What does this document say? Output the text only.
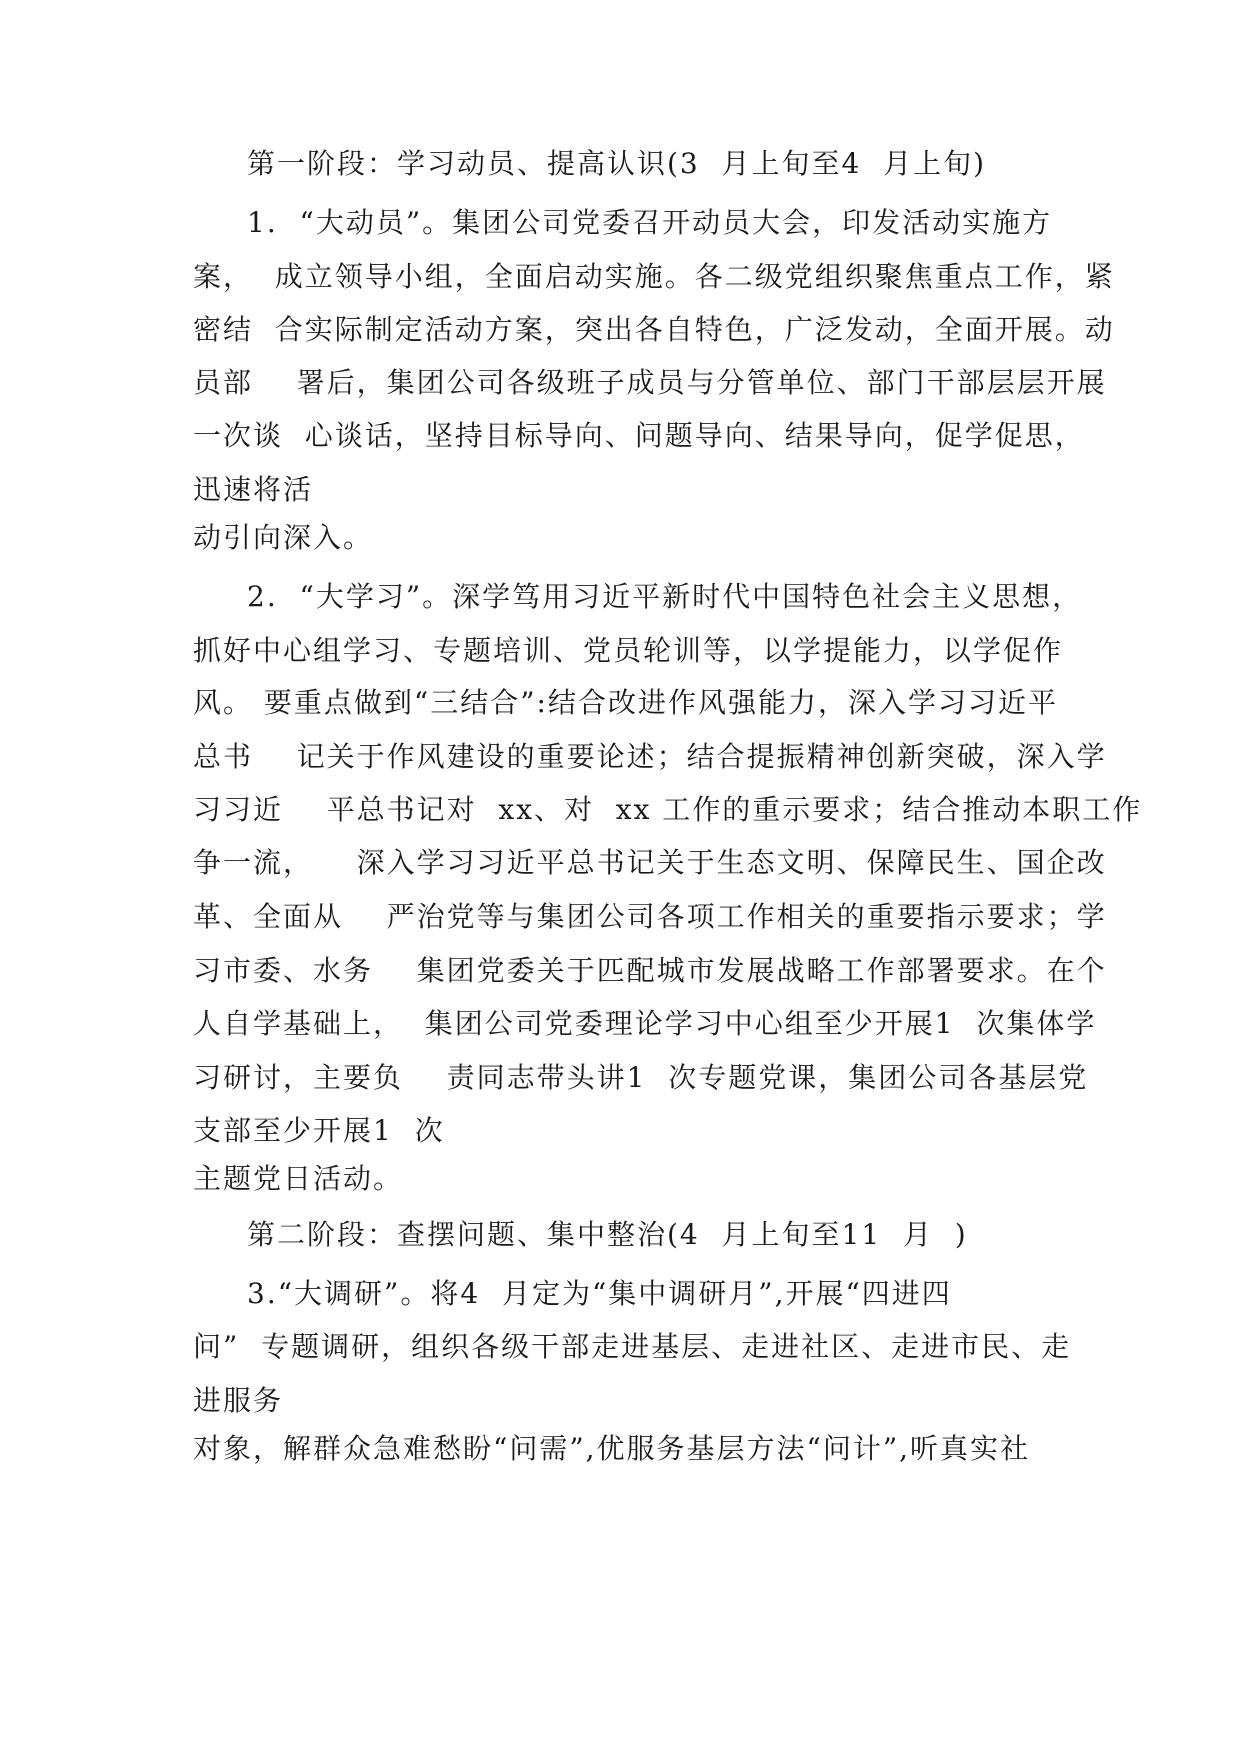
第一阶段：学习动员、提高认识(3  月上旬至4  月上旬)
1.  “大动员”。集团公司党委召开动员大会，印发活动实施方
案，  成立领导小组，全面启动实施。各二级党组织聚焦重点工作，紧
密结  合实际制定活动方案，突出各自特色，广泛发动，全面开展。动
员部    署后，集团公司各级班子成员与分管单位、部门干部层层开展
一次谈  心谈话，坚持目标导向、问题导向、结果导向，促学促思，
迅速将活
动引向深入。
2.  “大学习”。深学笃用习近平新时代中国特色社会主义思想，
抓好中心组学习、专题培训、党员轮训等，以学提能力，以学促作
风。 要重点做到“三结合”:结合改进作风强能力，深入学习习近平
总书    记关于作风建设的重要论述；结合提振精神创新突破，深入学
习习近    平总书记对  xx、对  xx 工作的重示要求；结合推动本职工作
争一流，    深入学习习近平总书记关于生态文明、保障民生、国企改
革、全面从    严治党等与集团公司各项工作相关的重要指示要求；学
习市委、水务    集团党委关于匹配城市发展战略工作部署要求。在个
人自学基础上，  集团公司党委理论学习中心组至少开展1  次集体学
习研讨，主要负    责同志带头讲1  次专题党课，集团公司各基层党
支部至少开展1  次
主题党日活动。
第二阶段：查摆问题、集中整治(4  月上旬至11  月  )
3.“大调研”。将4  月定为“集中调研月”,开展“四进四
问”  专题调研，组织各级干部走进基层、走进社区、走进市民、走
进服务
对象，解群众急难愁盼“问需”,优服务基层方法“问计”,听真实社
